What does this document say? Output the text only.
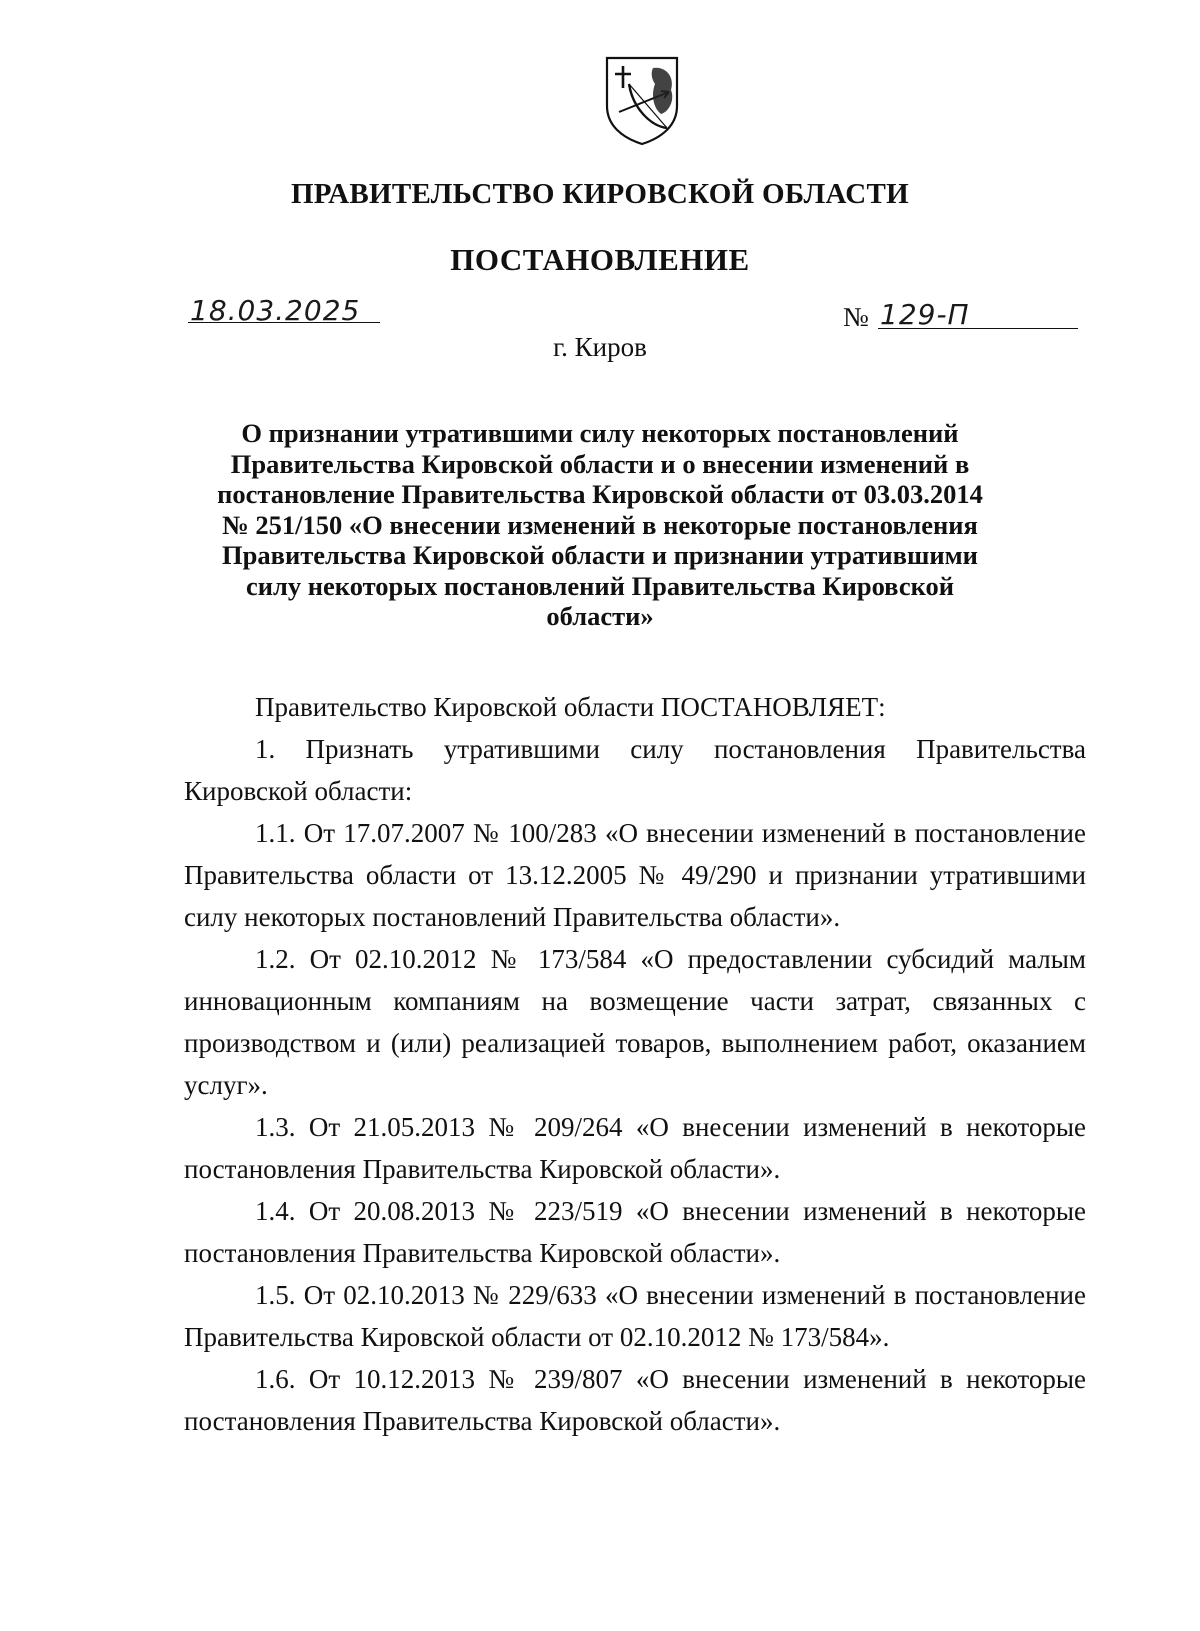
ПРАВИТЕЛЬСТВО КИРОВСКОЙ ОБЛАСТИ
ПОСТАНОВЛЕНИЕ
18.03.2025	№ 129-П
г. Киров
О признании утратившими силу некоторых постановлений Правительства Кировской области и о внесении изменений в постановление Правительства Кировской области от 03.03.2014 № 251/150 «О внесении изменений в некоторые постановления Правительства Кировской области и признании утратившими силу некоторых постановлений Правительства Кировской области»

Правительство Кировской области ПОСТАНОВЛЯЕТ:

1. Признать утратившими силу постановления Правительства Кировской области:

1.1. От 17.07.2007 № 100/283 «О внесении изменений в постановление Правительства области от 13.12.2005 № 49/290 и признании утратившими силу некоторых постановлений Правительства области».

1.2. От 02.10.2012 № 173/584 «О предоставлении субсидий малым инновационным компаниям на возмещение части затрат, связанных с производством и (или) реализацией товаров, выполнением работ, оказанием услуг».

1.3. От 21.05.2013 № 209/264 «О внесении изменений в некоторые постановления Правительства Кировской области».

1.4. От 20.08.2013 № 223/519 «О внесении изменений в некоторые постановления Правительства Кировской области».

1.5. От 02.10.2013 № 229/633 «О внесении изменений в постановление Правительства Кировской области от 02.10.2012 № 173/584».

1.6. От 10.12.2013 № 239/807 «О внесении изменений в некоторые постановления Правительства Кировской области».
